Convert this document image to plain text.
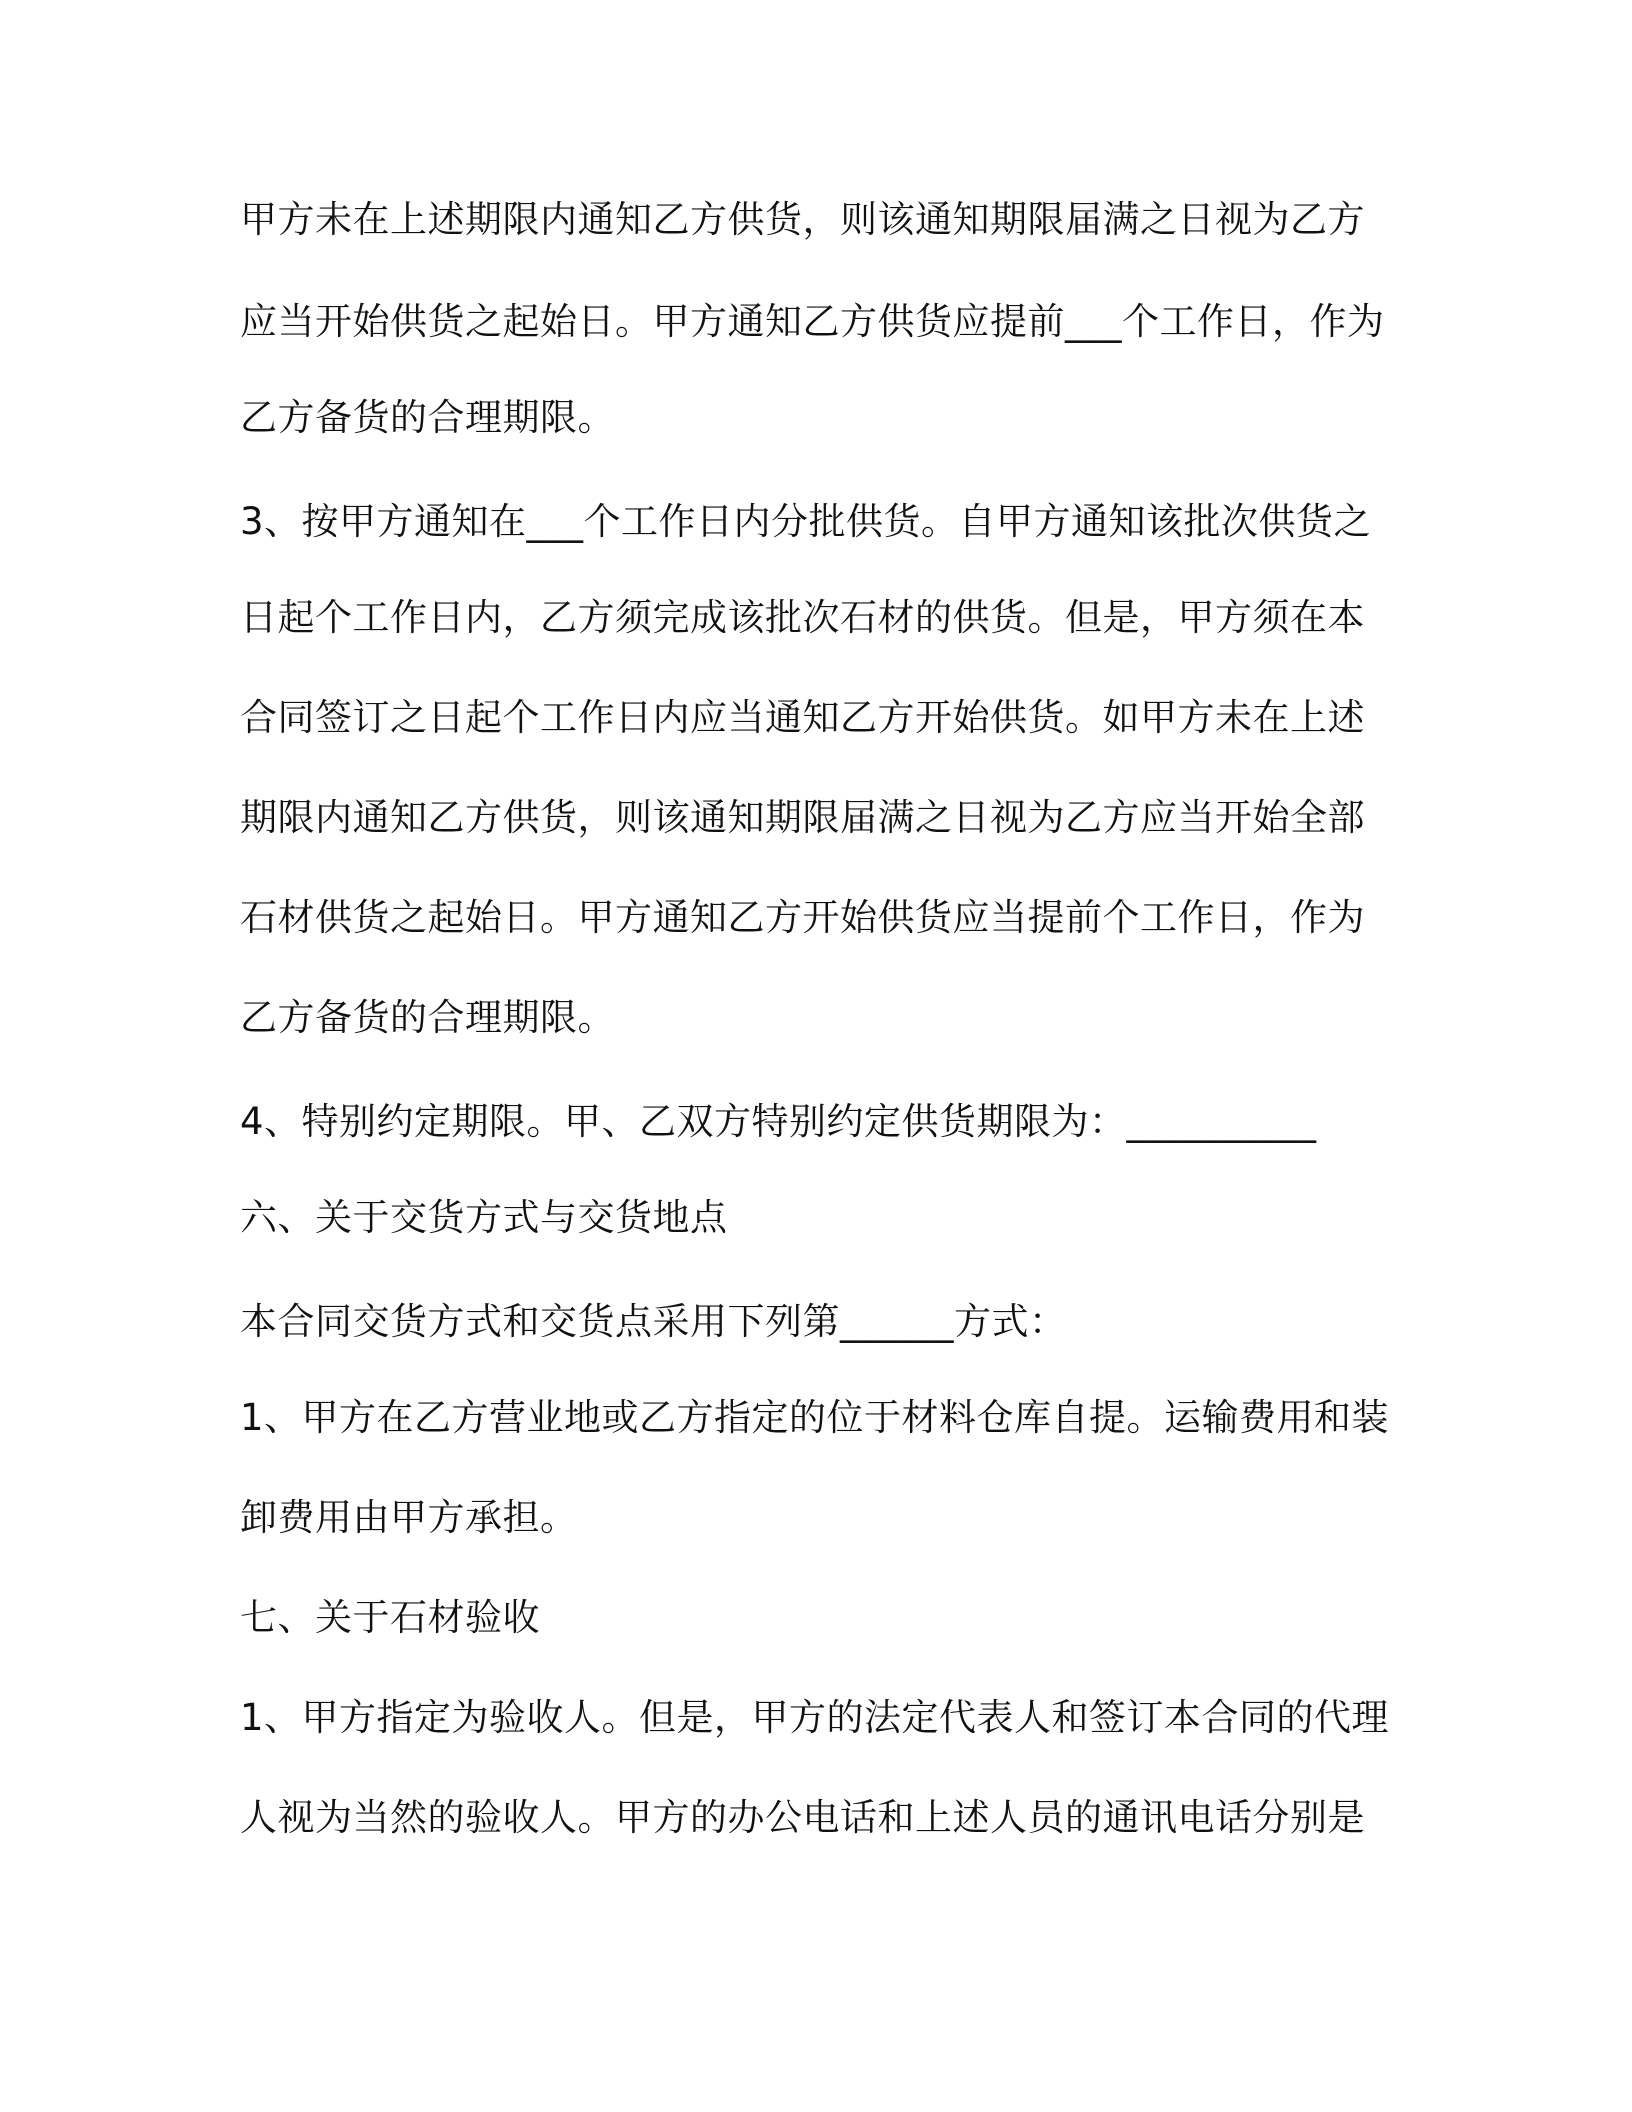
甲方未在上述期限内通知乙方供货，则该通知期限届满之日视为乙方

应当开始供货之起始日。甲方通知乙方供货应提前___个工作日，作为

乙方备货的合理期限。

3、按甲方通知在___个工作日内分批供货。自甲方通知该批次供货之

日起个工作日内，乙方须完成该批次石材的供货。但是，甲方须在本

合同签订之日起个工作日内应当通知乙方开始供货。如甲方未在上述

期限内通知乙方供货，则该通知期限届满之日视为乙方应当开始全部

石材供货之起始日。甲方通知乙方开始供货应当提前个工作日，作为

乙方备货的合理期限。

4、特别约定期限。甲、乙双方特别约定供货期限为：__________

六、关于交货方式与交货地点

本合同交货方式和交货点采用下列第______方式：

1、甲方在乙方营业地或乙方指定的位于材料仓库自提。运输费用和装

卸费用由甲方承担。

七、关于石材验收

1、甲方指定为验收人。但是，甲方的法定代表人和签订本合同的代理

人视为当然的验收人。甲方的办公电话和上述人员的通讯电话分别是
